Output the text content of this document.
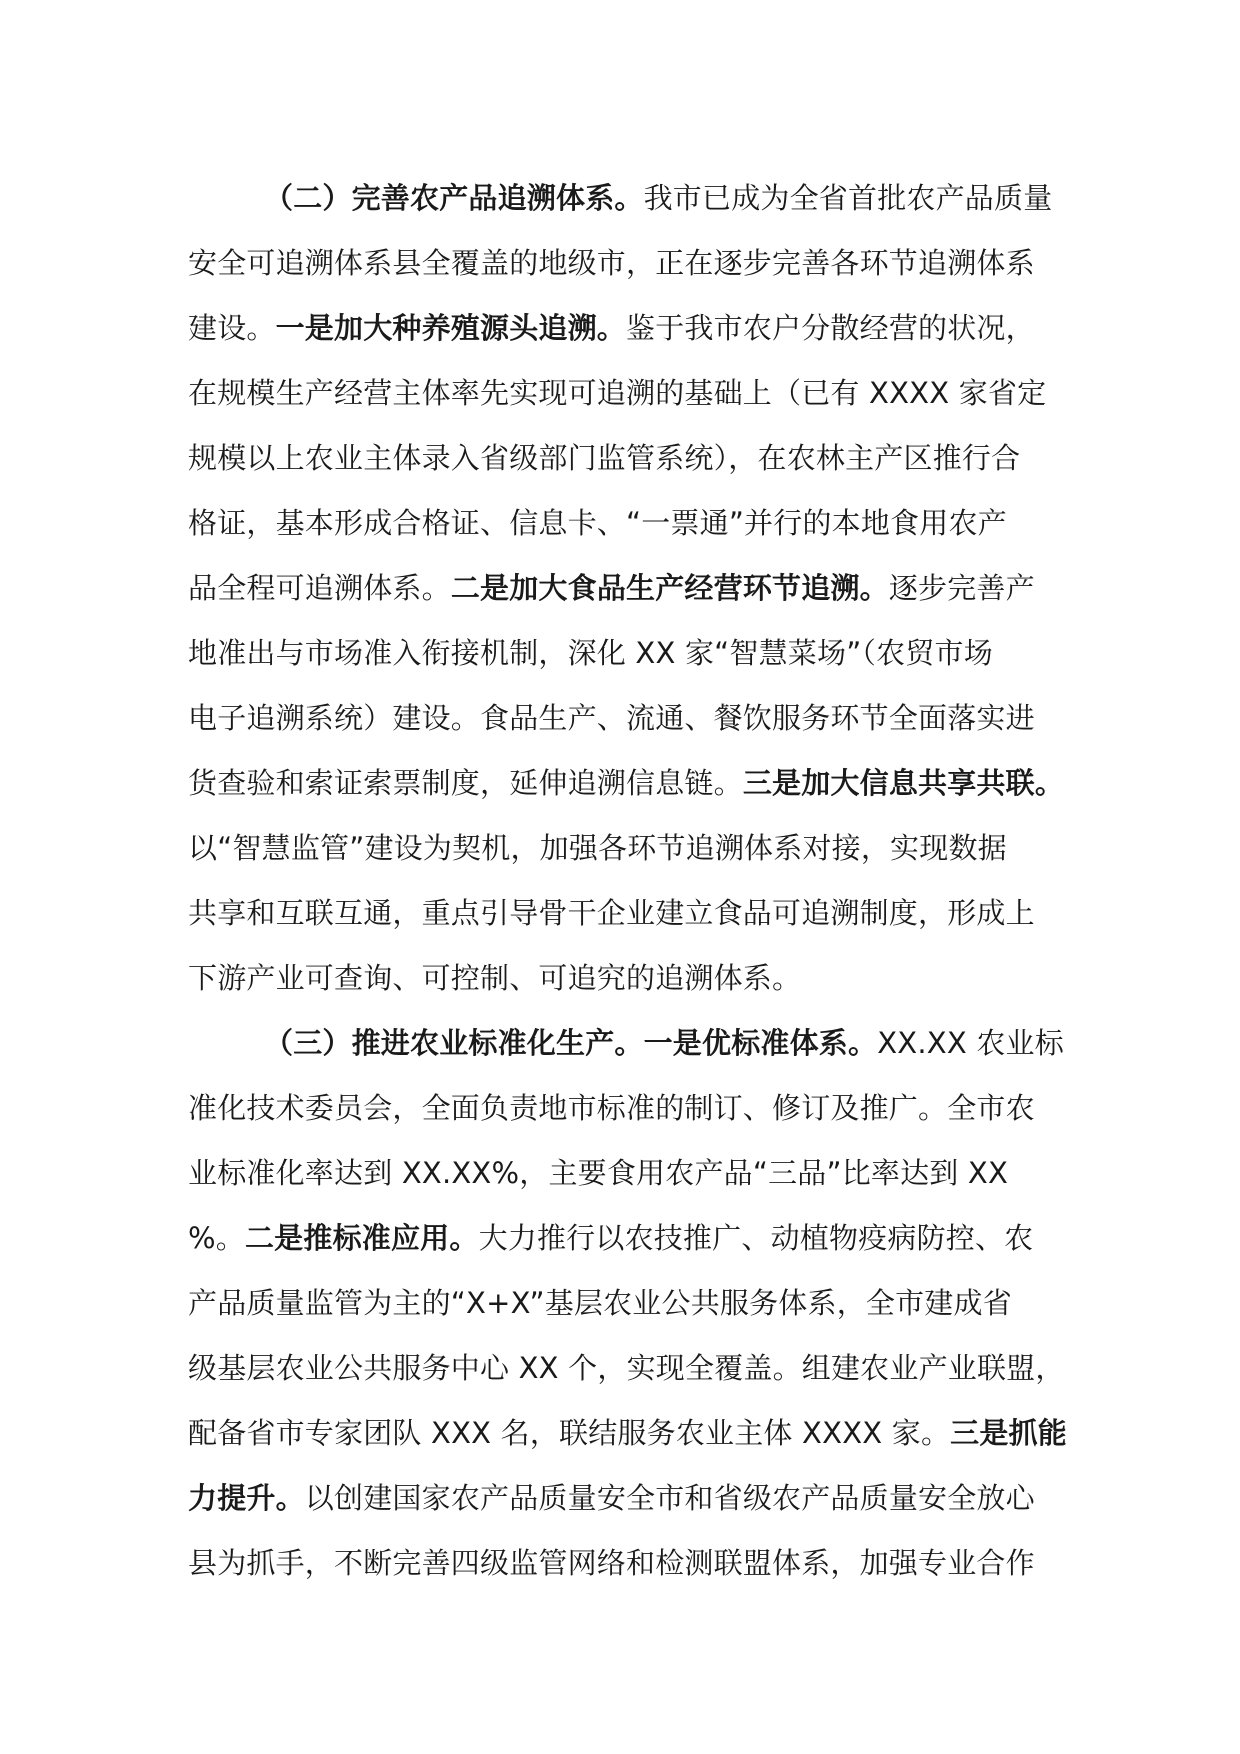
（二）完善农产品追溯体系。我市已成为全省首批农产品质量
安全可追溯体系县全覆盖的地级市，正在逐步完善各环节追溯体系
建设。一是加大种养殖源头追溯。鉴于我市农户分散经营的状况，
在规模生产经营主体率先实现可追溯的基础上（已有 XXXX 家省定
规模以上农业主体录入省级部门监管系统），在农林主产区推行合
格证，基本形成合格证、信息卡、“一票通”并行的本地食用农产
品全程可追溯体系。二是加大食品生产经营环节追溯。逐步完善产
地准出与市场准入衔接机制，深化 XX 家“智慧菜场”（农贸市场
电子追溯系统）建设。食品生产、流通、餐饮服务环节全面落实进
货查验和索证索票制度，延伸追溯信息链。三是加大信息共享共联。
以“智慧监管”建设为契机，加强各环节追溯体系对接，实现数据
共享和互联互通，重点引导骨干企业建立食品可追溯制度，形成上
下游产业可查询、可控制、可追究的追溯体系。
（三）推进农业标准化生产。一是优标准体系。XX.XX 农业标
准化技术委员会，全面负责地市标准的制订、修订及推广。全市农
业标准化率达到 XX.XX%，主要食用农产品“三品”比率达到 XX
%。二是推标准应用。大力推行以农技推广、动植物疫病防控、农
产品质量监管为主的“X+X”基层农业公共服务体系，全市建成省
级基层农业公共服务中心 XX 个，实现全覆盖。组建农业产业联盟，
配备省市专家团队 XXX 名，联结服务农业主体 XXXX 家。三是抓能
力提升。以创建国家农产品质量安全市和省级农产品质量安全放心
县为抓手，不断完善四级监管网络和检测联盟体系，加强专业合作
